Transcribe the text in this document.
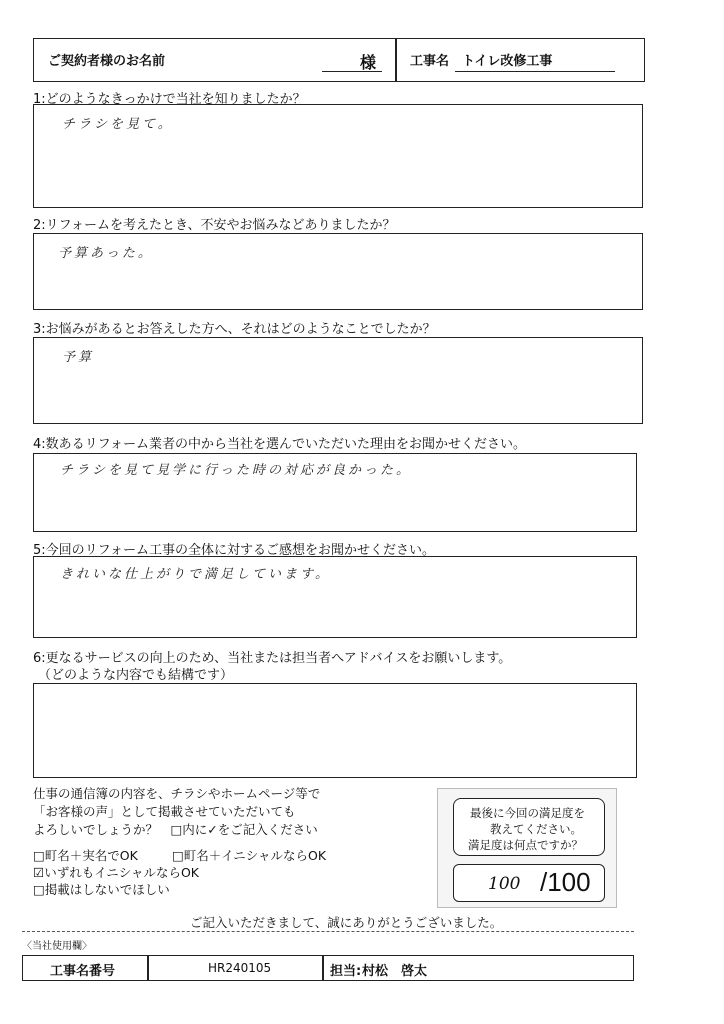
ご契約者様のお名前	様	工事名 トイレ改修工事
1:どのようなきっかけで当社を知りましたか？
チラシを見て。
2:リフォームを考えたとき、不安やお悩みなどありましたか？
予算あった。
3:お悩みがあるとお答えした方へ、それはどのようなことでしたか？
予算
4:数あるリフォーム業者の中から当社を選んでいただいた理由をお聞かせください。
チラシを見て見学に行った時の対応が良かった。
5:今回のリフォーム工事の全体に対するご感想をお聞かせください。
きれいな仕上がりで満足しています。
6:更なるサービスの向上のため、当社または担当者へアドバイスをお願いします。
（どのような内容でも結構です）
仕事の通信簿の内容を、チラシやホームページ等で
「お客様の声」として掲載させていただいても
よろしいでしょうか？　□内に✓をご記入ください
□町名＋実名でOK	□町名＋イニシャルならOK
☑いずれもイニシャルならOK
□掲載はしないでほしい
最後に今回の満足度を
教えてください。
満足度は何点ですか？
100 /100
ご記入いただきまして、誠にありがとうございました。
〈当社使用欄〉
工事名番号	HR240105	担当: 村松　啓太
